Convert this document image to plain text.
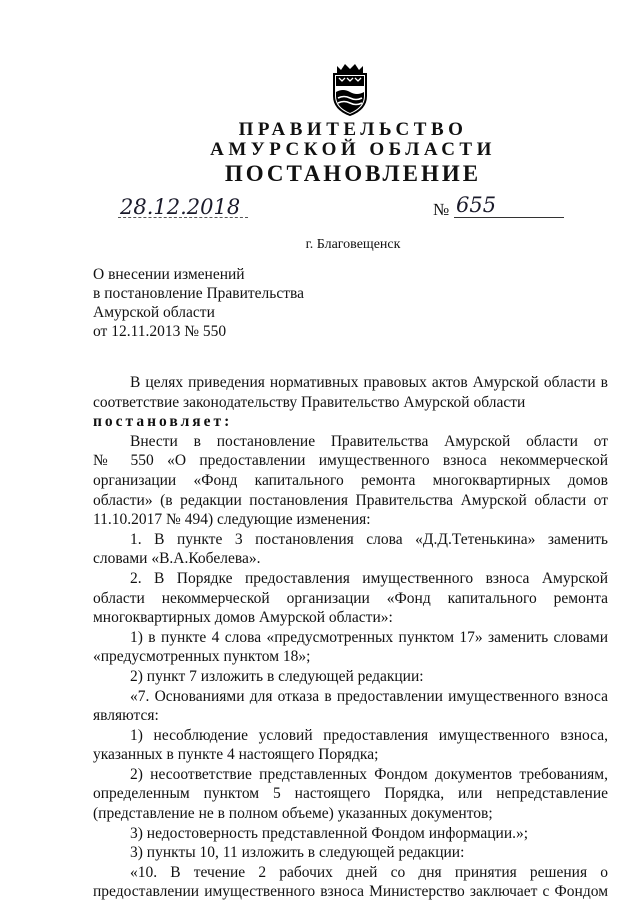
ПРАВИТЕЛЬСТВО
АМУРСКОЙ ОБЛАСТИ
ПОСТАНОВЛЕНИЕ
28.12.2018	№ 655
г. Благовещенск
О внесении изменений
в постановление Правительства
Амурской области
от 12.11.2013 № 550
В целях приведения нормативных правовых актов Амурской области в
соответствие законодательству Правительство Амурской области
постановляет:
Внести в постановление Правительства Амурской области от
№ 550 «О предоставлении имущественного взноса некоммерческой
организации «Фонд капитального ремонта многоквартирных домов
области» (в редакции постановления Правительства Амурской области от
11.10.2017 № 494) следующие изменения:
1. В пункте 3 постановления слова «Д.Д.Тетенькина» заменить
словами «В.А.Кобелева».
2. В Порядке предоставления имущественного взноса Амурской
области некоммерческой организации «Фонд капитального ремонта
многоквартирных домов Амурской области»:
1) в пункте 4 слова «предусмотренных пунктом 17» заменить словами
«предусмотренных пунктом 18»;
2) пункт 7 изложить в следующей редакции:
«7. Основаниями для отказа в предоставлении имущественного взноса
являются:
1) несоблюдение условий предоставления имущественного взноса,
указанных в пункте 4 настоящего Порядка;
2) несоответствие представленных Фондом документов требованиям,
определенным пунктом 5 настоящего Порядка, или непредставление
(представление не в полном объеме) указанных документов;
3) недостоверность представленной Фондом информации.»;
3) пункты 10, 11 изложить в следующей редакции:
«10. В течение 2 рабочих дней со дня принятия решения о
предоставлении имущественного взноса Министерство заключает с Фондом
